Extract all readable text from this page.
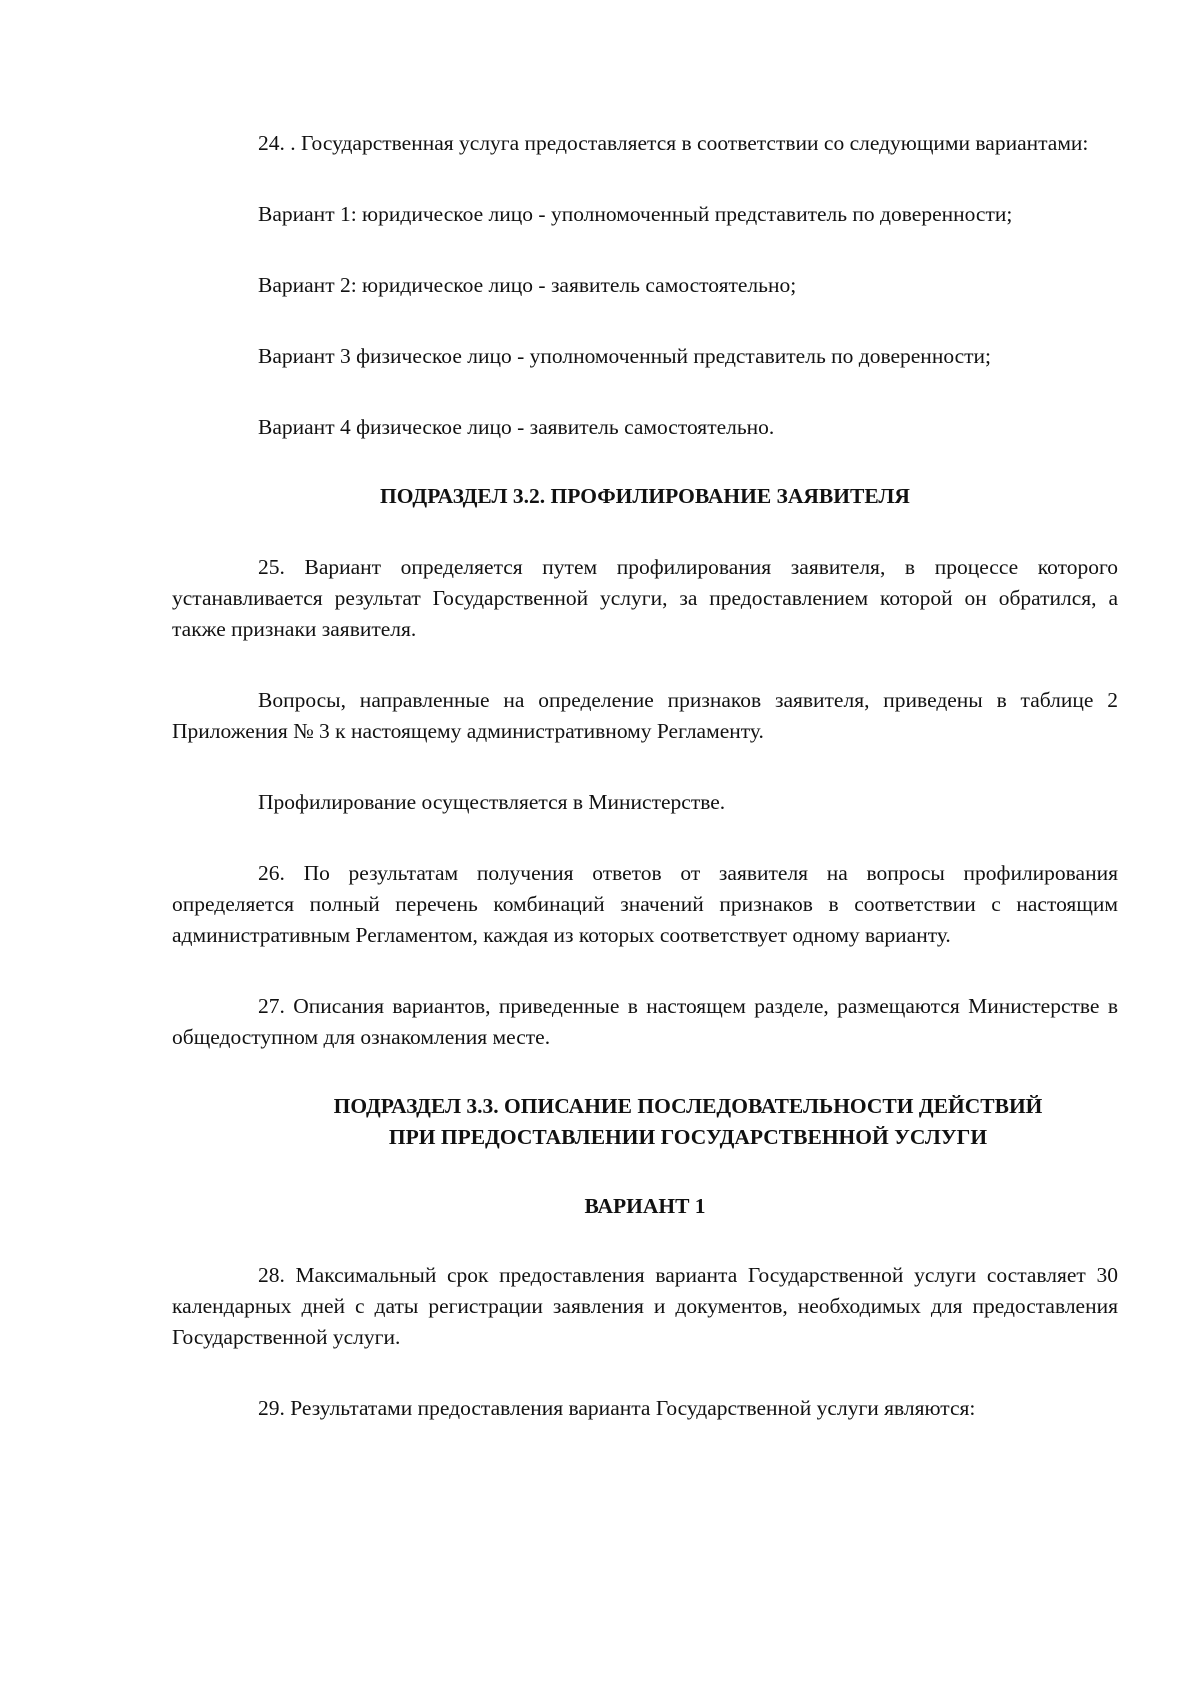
24. . Государственная услуга предоставляется в соответствии со следующими вариантами:

Вариант 1: юридическое лицо - уполномоченный представитель по доверенности;

Вариант 2: юридическое лицо - заявитель самостоятельно;

Вариант 3 физическое лицо - уполномоченный представитель по доверенности;

Вариант 4 физическое лицо - заявитель самостоятельно.

ПОДРАЗДЕЛ 3.2. ПРОФИЛИРОВАНИЕ ЗАЯВИТЕЛЯ

25. Вариант определяется путем профилирования заявителя, в процессе которого устанавливается результат Государственной услуги, за предоставлением которой он обратился, а также признаки заявителя.

Вопросы, направленные на определение признаков заявителя, приведены в таблице 2 Приложения № 3 к настоящему административному Регламенту.

Профилирование осуществляется в Министерстве.

26. По результатам получения ответов от заявителя на вопросы профилирования определяется полный перечень комбинаций значений признаков в соответствии с настоящим административным Регламентом, каждая из которых соответствует одному варианту.

27. Описания вариантов, приведенные в настоящем разделе, размещаются Министерстве в общедоступном для ознакомления месте.

ПОДРАЗДЕЛ 3.3. ОПИСАНИЕ ПОСЛЕДОВАТЕЛЬНОСТИ ДЕЙСТВИЙ
ПРИ ПРЕДОСТАВЛЕНИИ ГОСУДАРСТВЕННОЙ УСЛУГИ

ВАРИАНТ 1

28. Максимальный срок предоставления варианта Государственной услуги составляет 30 календарных дней с даты регистрации заявления и документов, необходимых для предоставления Государственной услуги.

29. Результатами предоставления варианта Государственной услуги являются:
